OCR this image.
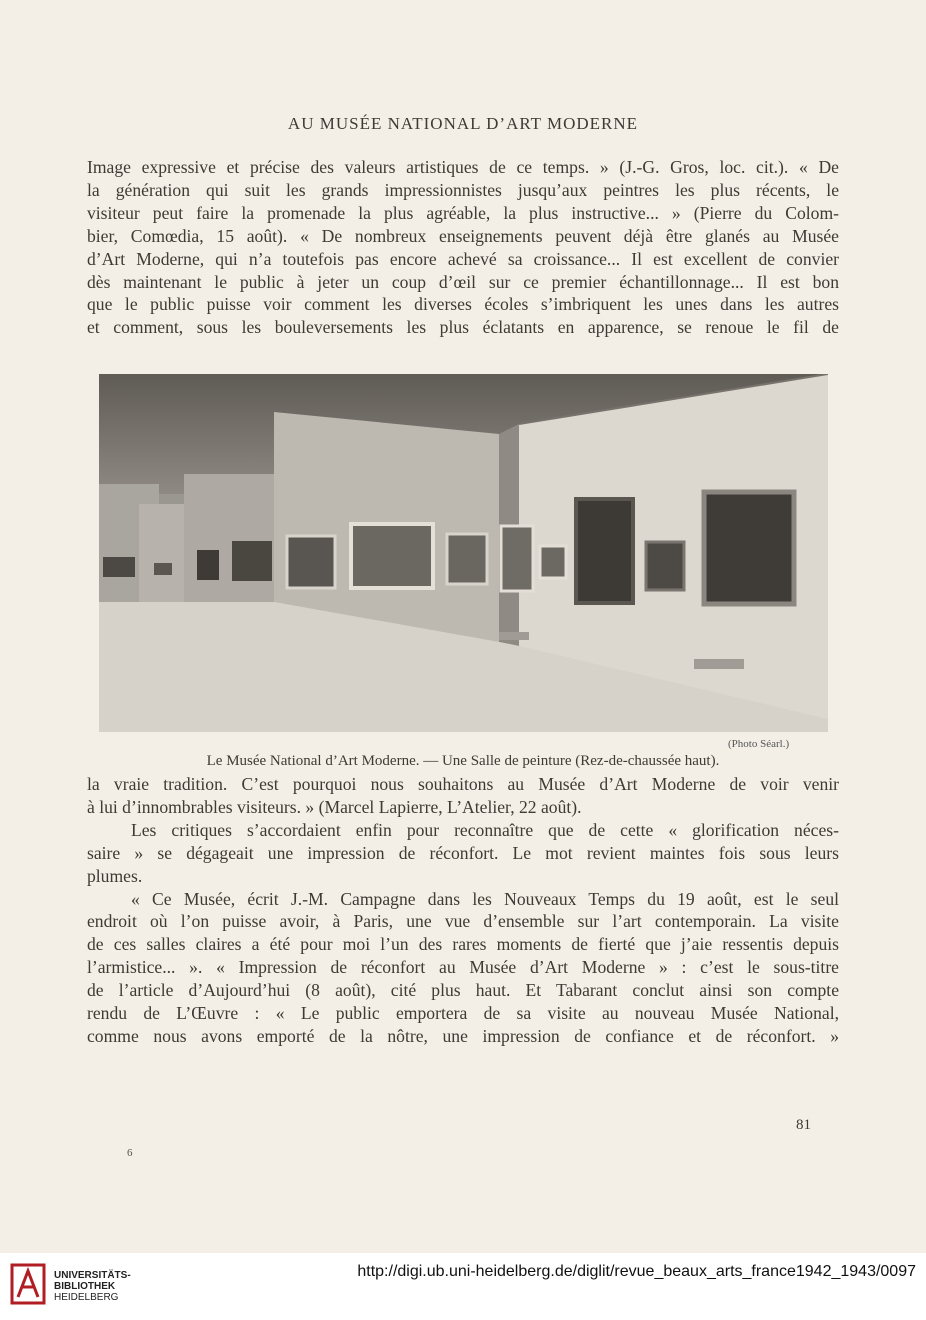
AU MUSÉE NATIONAL D’ART MODERNE
Image expressive et précise des valeurs artistiques de ce temps. » (J.-G. Gros, loc. cit.). « De
la génération qui suit les grands impressionnistes jusqu’aux peintres les plus récents, le
visiteur peut faire la promenade la plus agréable, la plus instructive... » (Pierre du Colom-
bier, Comœdia, 15 août). « De nombreux enseignements peuvent déjà être glanés au Musée
d’Art Moderne, qui n’a toutefois pas encore achevé sa croissance... Il est excellent de convier
dès maintenant le public à jeter un coup d’œil sur ce premier échantillonnage... Il est bon
que le public puisse voir comment les diverses écoles s’imbriquent les unes dans les autres
et comment, sous les bouleversements les plus éclatants en apparence, se renoue le fil de
(Photo Séarl.)
Le Musée National d’Art Moderne. — Une Salle de peinture (Rez-de-chaussée haut).
la vraie tradition. C’est pourquoi nous souhaitons au Musée d’Art Moderne de voir venir
à lui d’innombrables visiteurs. » (Marcel Lapierre, L’Atelier, 22 août).
Les critiques s’accordaient enfin pour reconnaître que de cette « glorification néces-
saire » se dégageait une impression de réconfort. Le mot revient maintes fois sous leurs
plumes.
« Ce Musée, écrit J.-M. Campagne dans les Nouveaux Temps du 19 août, est le seul
endroit où l’on puisse avoir, à Paris, une vue d’ensemble sur l’art contemporain. La visite
de ces salles claires a été pour moi l’un des rares moments de fierté que j’aie ressentis depuis
l’armistice... ». « Impression de réconfort au Musée d’Art Moderne » : c’est le sous-titre
de l’article d’Aujourd’hui (8 août), cité plus haut. Et Tabarant conclut ainsi son compte
rendu de L’Œuvre : « Le public emportera de sa visite au nouveau Musée National,
comme nous avons emporté de la nôtre, une impression de confiance et de réconfort. »
81
6
UNIVERSITÄTS-
BIBLIOTHEK
HEIDELBERG
http://digi.ub.uni-heidelberg.de/diglit/revue_beaux_arts_france1942_1943/0097
